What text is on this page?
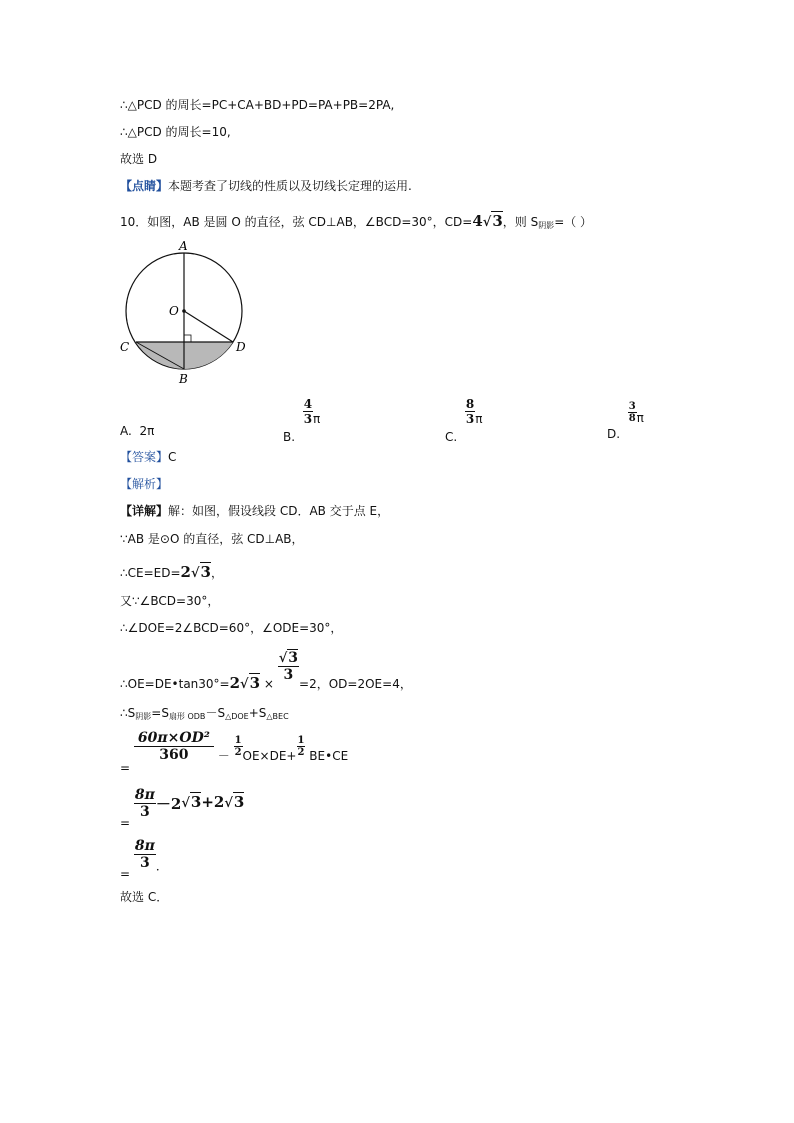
∴△PCD 的周长=PC+CA+BD+PD=PA+PB=2PA,
∴△PCD 的周长=10,
故选 D
【点睛】本题考查了切线的性质以及切线长定理的运用.
10．如图，AB 是圆 O 的直径，弦 CD⊥AB，∠BCD=30°，CD=4√3，则 $S_{阴影}=$（ ）
A
O
C	D
B
A. 2π	B.
$\frac{4}{3}$ π
C.
$\frac{8}{3}$ π
D.
$\frac{3}{8}$ π
【答案】C
【解析】
【详解】解：如图，假设线段 CD．AB 交于点 E，
∵AB 是⊙O 的直径，弦 CD⊥AB，
∴CE=ED=2√3，
又∵∠BCD=30°，
∴∠DOE=2∠BCD=60°，∠ODE=30°，
∴OE=DE•tan30°=2√3 ×
$\frac{√3}{3}$
=2，OD=2OE=4，
$\therefore S_{阴影}=S_{扇形 ODB}-S_{\triangle DOE}+S_{\triangle BEC}$
=
$\frac{\text{60π×OD²}}{360} - \frac{1}{2} OE\times DE+ \frac{1}{2}$ BE•CE
=
$\frac{8\pi}{3} -2√3+2√3$
=
$\frac{8\pi}{3}$ ．
故选 C．
